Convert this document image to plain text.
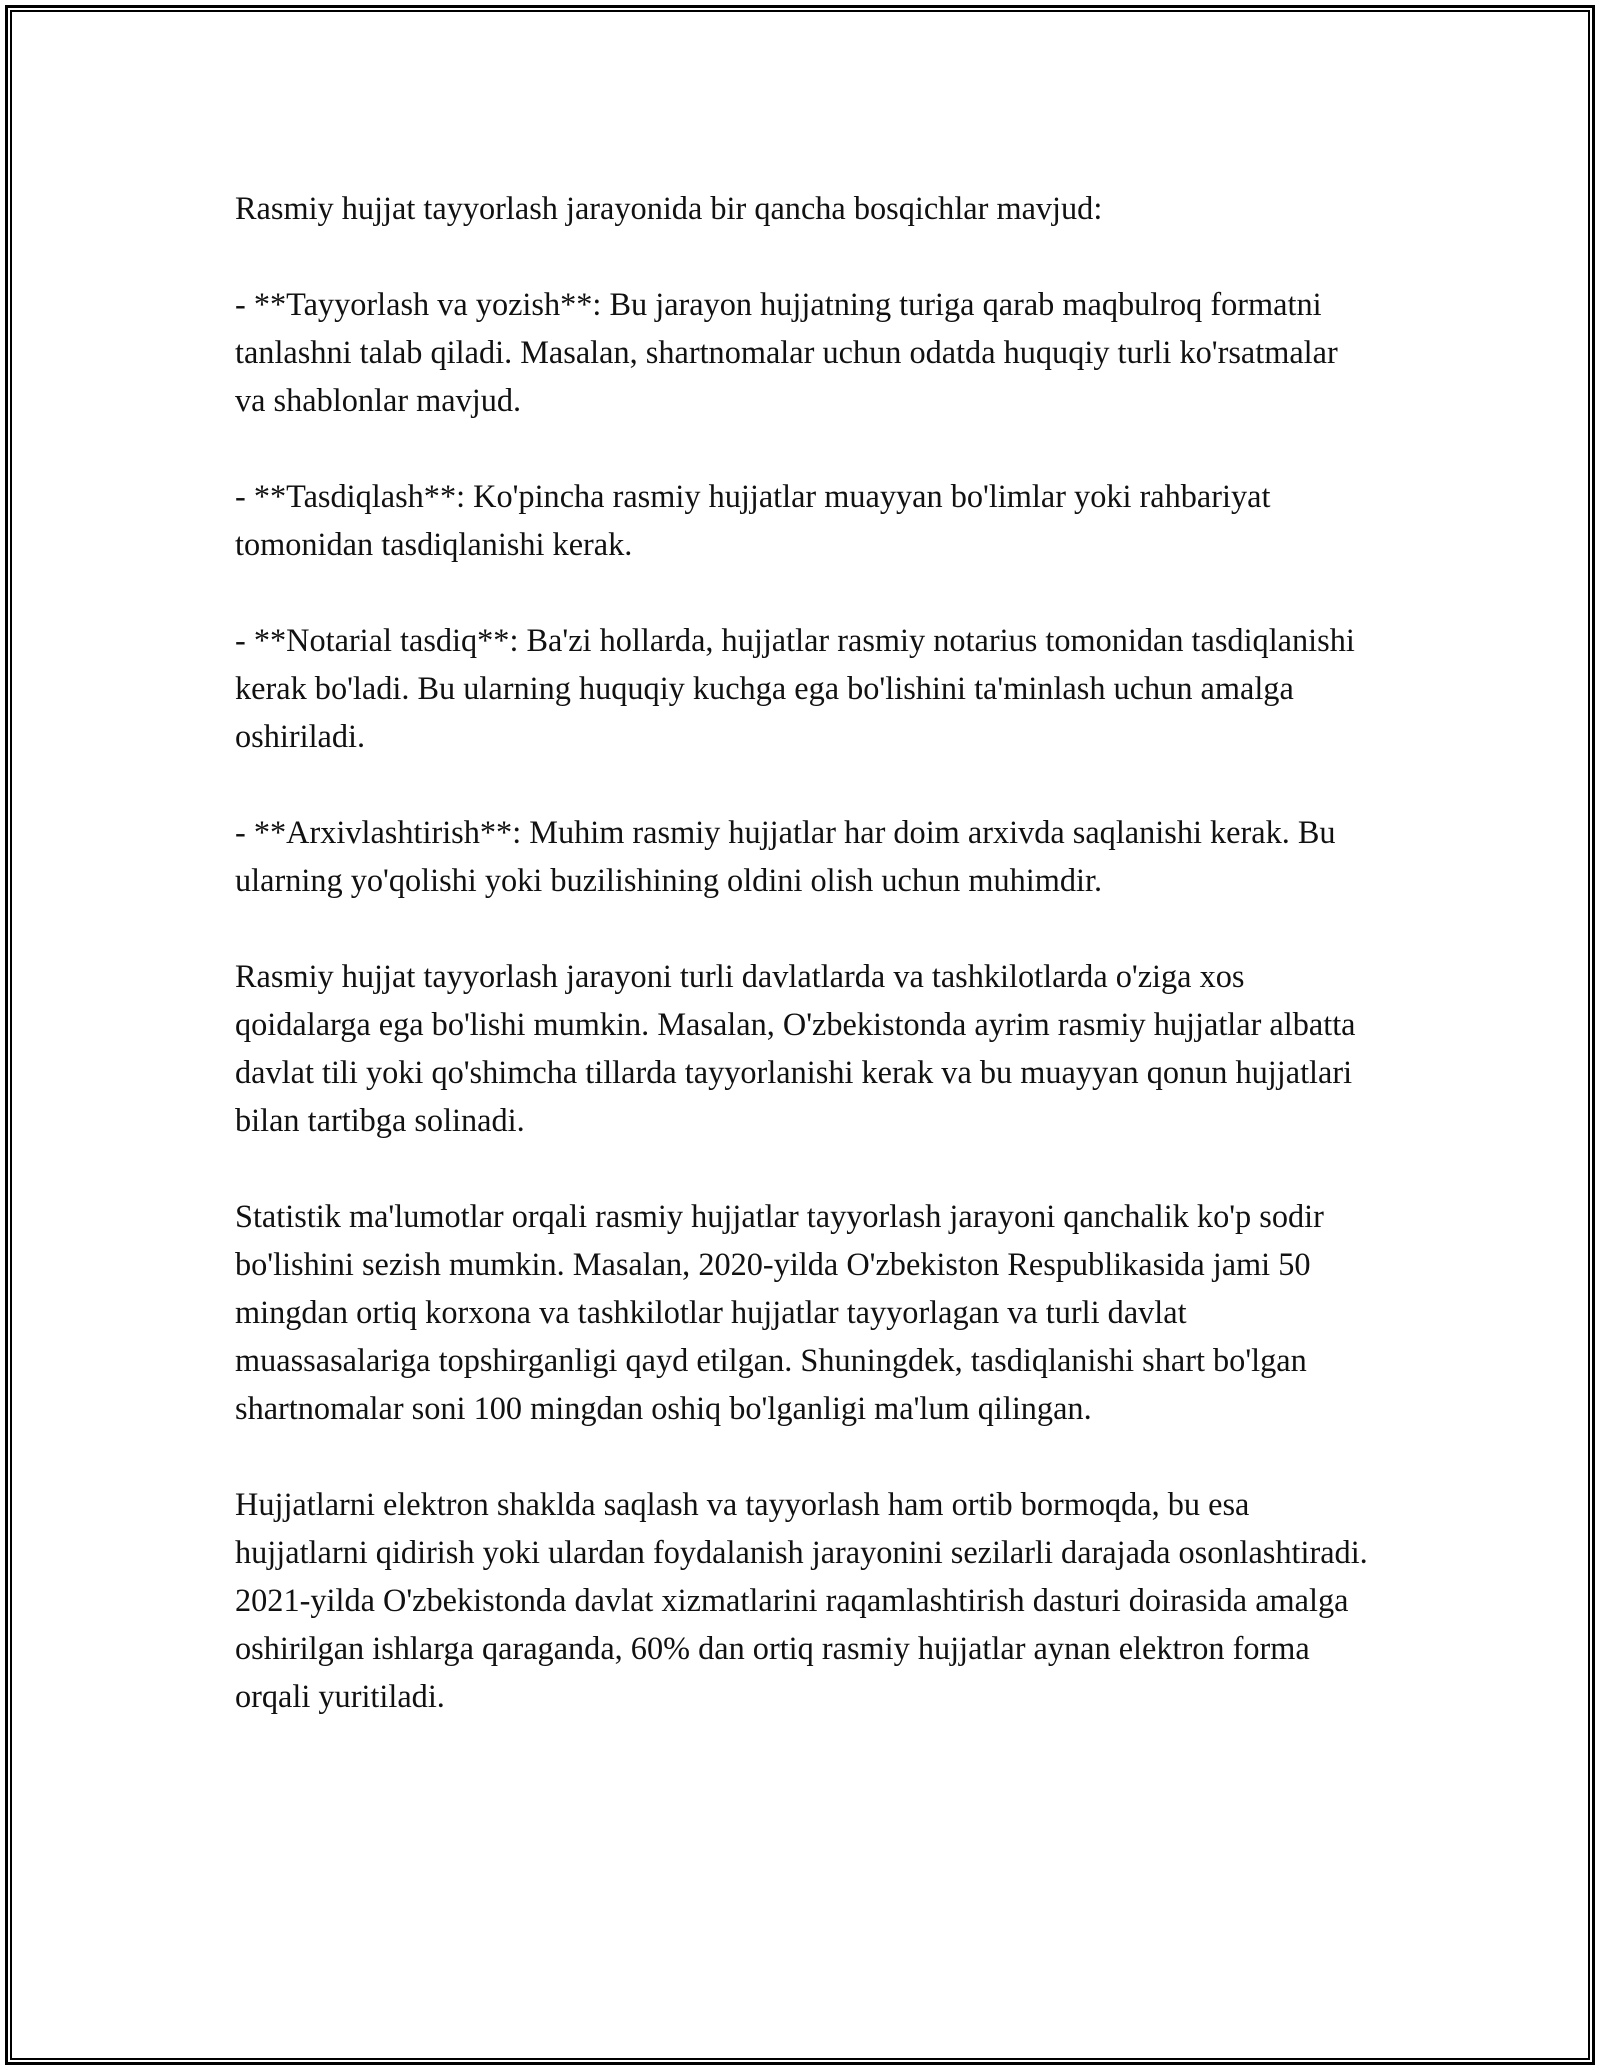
Rasmiy hujjat tayyorlash jarayonida bir qancha bosqichlar mavjud:

- **Tayyorlash va yozish**: Bu jarayon hujjatning turiga qarab maqbulroq formatni tanlashni talab qiladi. Masalan, shartnomalar uchun odatda huquqiy turli ko'rsatmalar va shablonlar mavjud.

- **Tasdiqlash**: Ko'pincha rasmiy hujjatlar muayyan bo'limlar yoki rahbariyat tomonidan tasdiqlanishi kerak.

- **Notarial tasdiq**: Ba'zi hollarda, hujjatlar rasmiy notarius tomonidan tasdiqlanishi kerak bo'ladi. Bu ularning huquqiy kuchga ega bo'lishini ta'minlash uchun amalga oshiriladi.

- **Arxivlashtirish**: Muhim rasmiy hujjatlar har doim arxivda saqlanishi kerak. Bu ularning yo'qolishi yoki buzilishining oldini olish uchun muhimdir.

Rasmiy hujjat tayyorlash jarayoni turli davlatlarda va tashkilotlarda o'ziga xos qoidalarga ega bo'lishi mumkin. Masalan, O'zbekistonda ayrim rasmiy hujjatlar albatta davlat tili yoki qo'shimcha tillarda tayyorlanishi kerak va bu muayyan qonun hujjatlari bilan tartibga solinadi.

Statistik ma'lumotlar orqali rasmiy hujjatlar tayyorlash jarayoni qanchalik ko'p sodir bo'lishini sezish mumkin. Masalan, 2020-yilda O'zbekiston Respublikasida jami 50 mingdan ortiq korxona va tashkilotlar hujjatlar tayyorlagan va turli davlat muassasalariga topshirganligi qayd etilgan. Shuningdek, tasdiqlanishi shart bo'lgan shartnomalar soni 100 mingdan oshiq bo'lganligi ma'lum qilingan.

Hujjatlarni elektron shaklda saqlash va tayyorlash ham ortib bormoqda, bu esa hujjatlarni qidirish yoki ulardan foydalanish jarayonini sezilarli darajada osonlashtiradi. 2021-yilda O'zbekistonda davlat xizmatlarini raqamlashtirish dasturi doirasida amalga oshirilgan ishlarga qaraganda, 60% dan ortiq rasmiy hujjatlar aynan elektron forma orqali yuritiladi.
